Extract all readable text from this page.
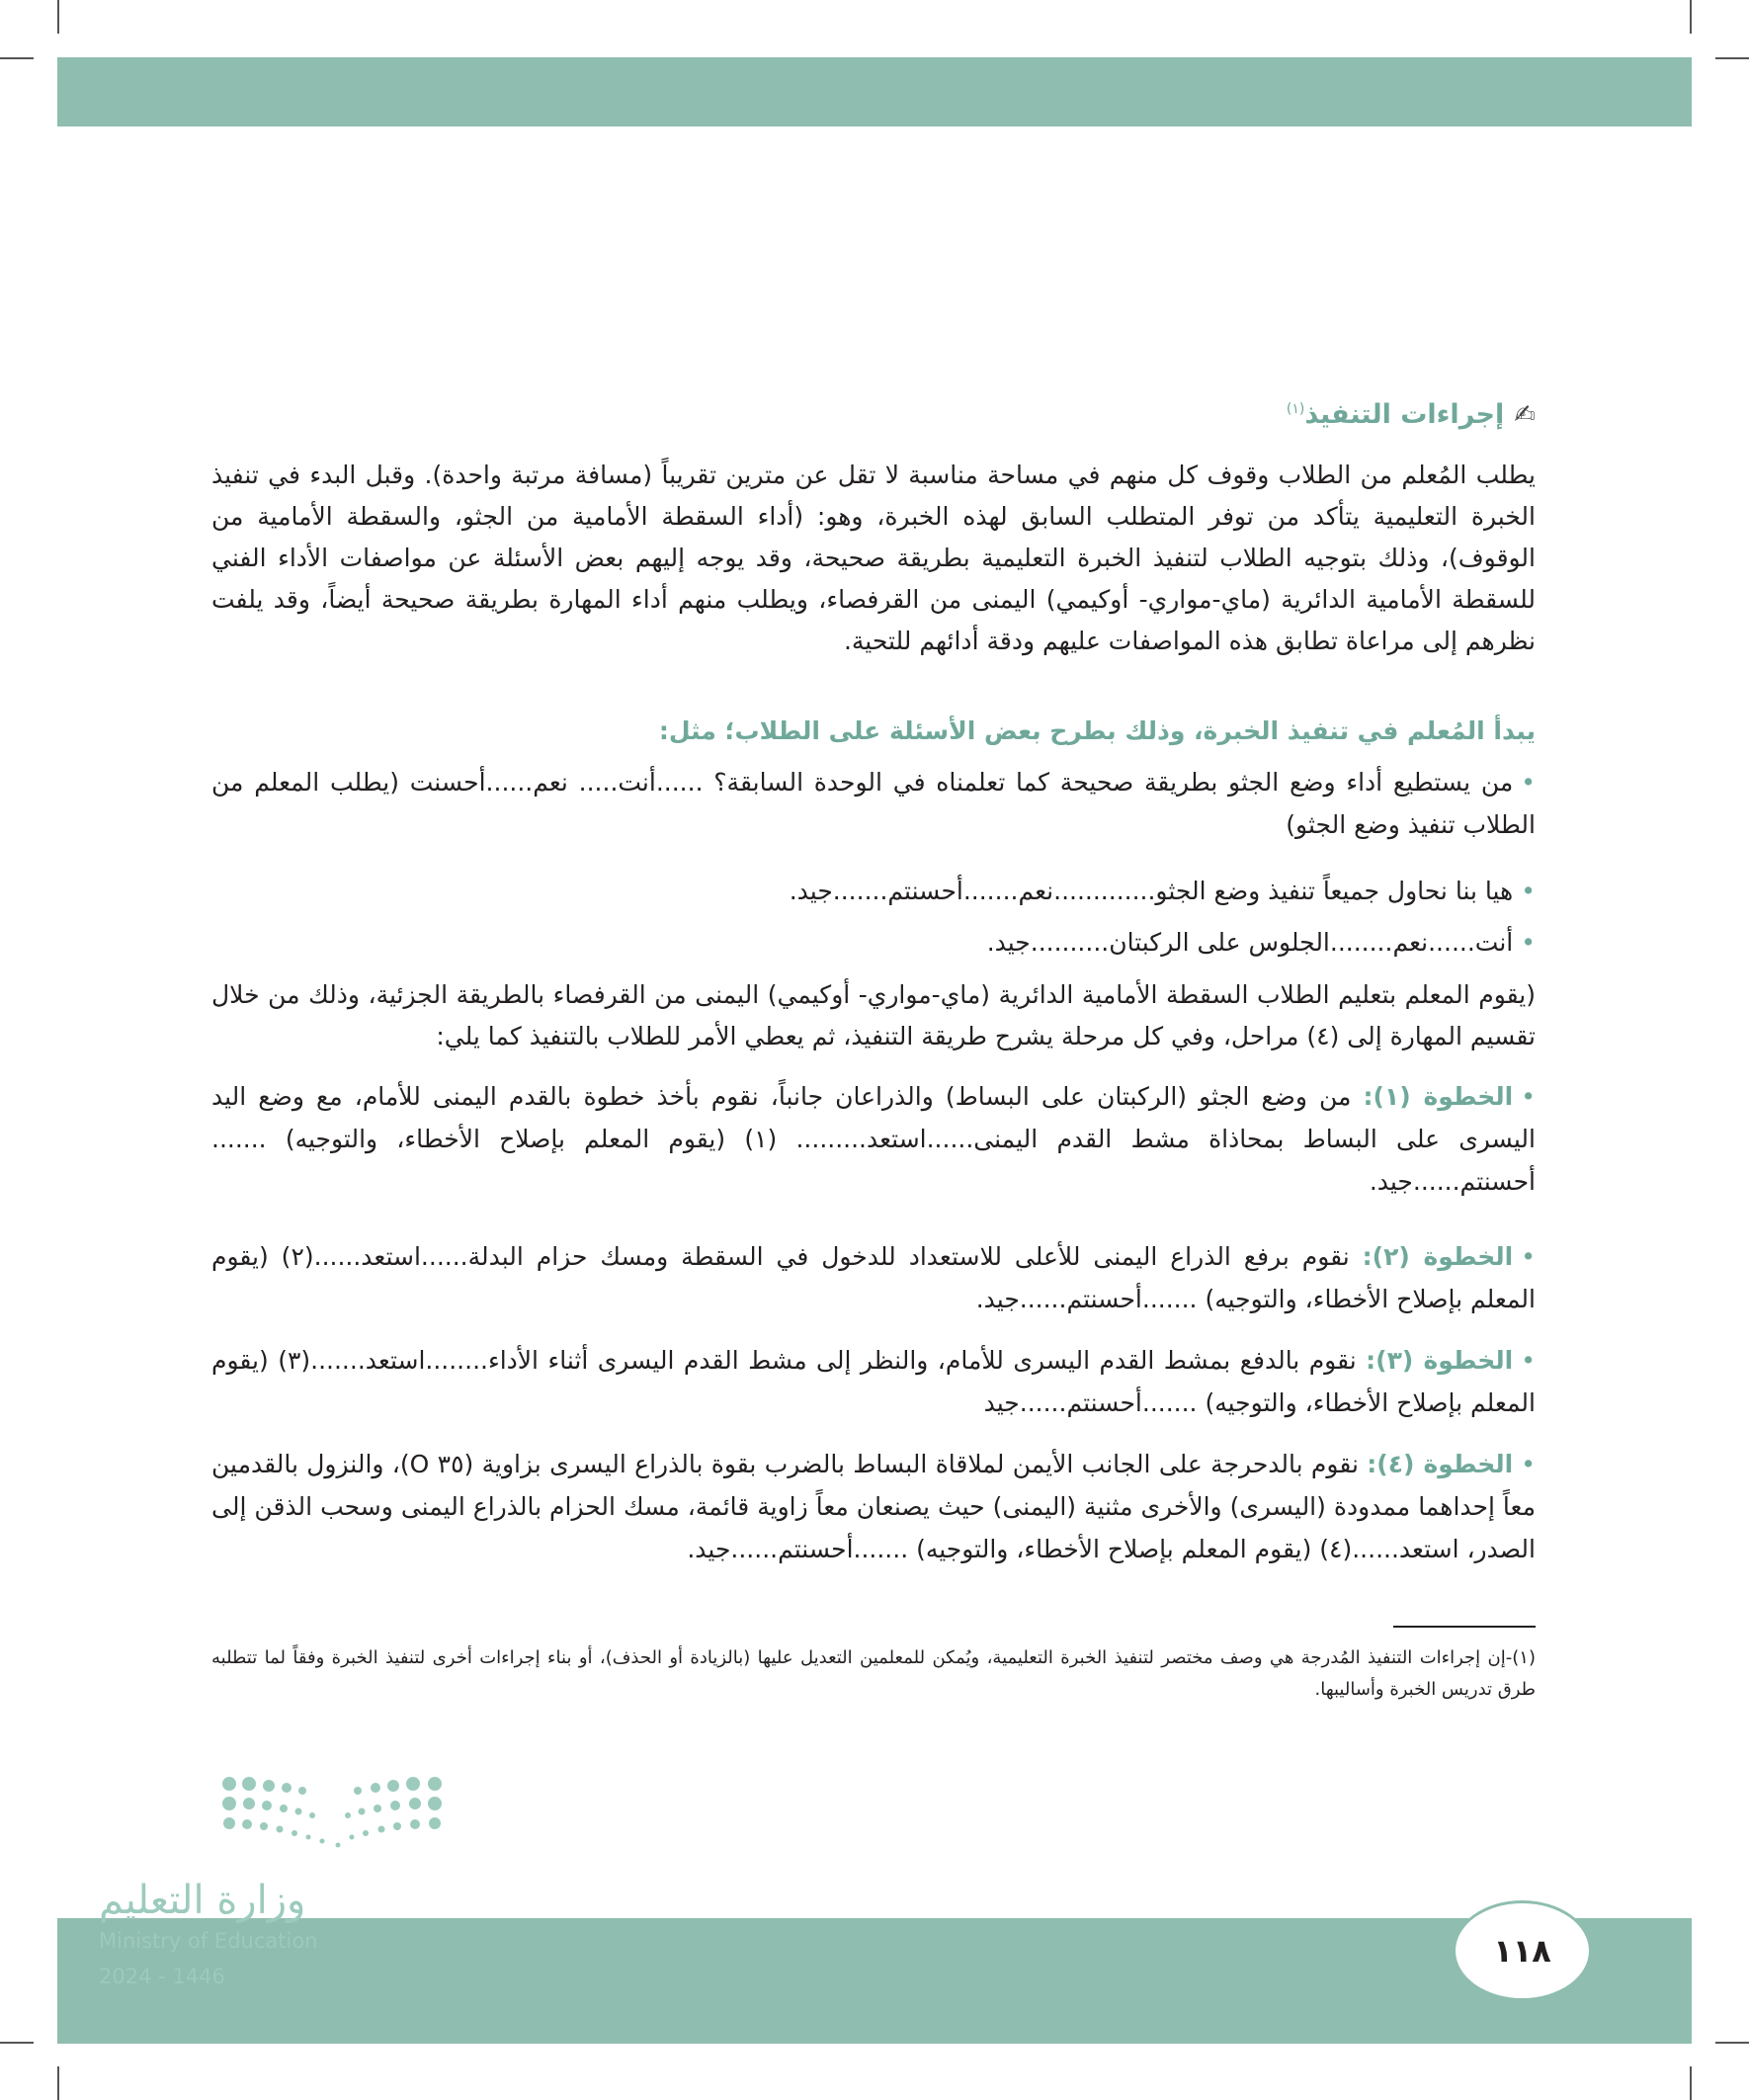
✍إجراءات التنفيذ$^{(١)}$
يطلب المُعلم من الطلاب وقوف كل منهم في مساحة مناسبة لا تقل عن مترين تقريباً (مسافة مرتبة واحدة). وقبل البدء في تنفيذ الخبرة التعليمية يتأكد من توفر المتطلب السابق لهذه الخبرة، وهو: (أداء السقطة الأمامية من الجثو، والسقطة الأمامية من الوقوف)، وذلك بتوجيه الطلاب لتنفيذ الخبرة التعليمية بطريقة صحيحة، وقد يوجه إليهم بعض الأسئلة عن مواصفات الأداء الفني للسقطة الأمامية الدائرية (ماي-مواري- أوكيمي) اليمنى من القرفصاء، ويطلب منهم أداء المهارة بطريقة صحيحة أيضاً، وقد يلفت نظرهم إلى مراعاة تطابق هذه المواصفات عليهم ودقة أدائهم للتحية.
يبدأ المُعلم في تنفيذ الخبرة، وذلك بطرح بعض الأسئلة على الطلاب؛ مثل:
•من يستطيع أداء وضع الجثو بطريقة صحيحة كما تعلمناه في الوحدة السابقة؟ ......أنت..... نعم......أحسنت (يطلب المعلم من الطلاب تنفيذ وضع الجثو)
•هيا بنا نحاول جميعاً تنفيذ وضع الجثو.............نعم.......أحسنتم.......جيد.
•أنت......نعم........الجلوس على الركبتان..........جيد.
(يقوم المعلم بتعليم الطلاب السقطة الأمامية الدائرية (ماي-مواري- أوكيمي) اليمنى من القرفصاء بالطريقة الجزئية، وذلك من خلال تقسيم المهارة إلى (٤) مراحل، وفي كل مرحلة يشرح طريقة التنفيذ، ثم يعطي الأمر للطلاب بالتنفيذ كما يلي:
•الخطوة (١): من وضع الجثو (الركبتان على البساط) والذراعان جانباً، نقوم بأخذ خطوة بالقدم اليمنى للأمام، مع وضع اليد اليسرى على البساط بمحاذاة مشط القدم اليمنى......استعد......... (١) (يقوم المعلم بإصلاح الأخطاء، والتوجيه) ....... أحسنتم......جيد.
•الخطوة (٢): نقوم برفع الذراع اليمنى للأعلى للاستعداد للدخول في السقطة ومسك حزام البدلة......استعد......(٢) (يقوم المعلم بإصلاح الأخطاء، والتوجيه) .......أحسنتم......جيد.
•الخطوة (٣): نقوم بالدفع بمشط القدم اليسرى للأمام، والنظر إلى مشط القدم اليسرى أثناء الأداء........استعد.......(٣) (يقوم المعلم بإصلاح الأخطاء، والتوجيه) .......أحسنتم......جيد
•الخطوة (٤): نقوم بالدحرجة على الجانب الأيمن لملاقاة البساط بالضرب بقوة بالذراع اليسرى بزاوية (٣٥ O)، والنزول بالقدمين معاً إحداهما ممدودة (اليسرى) والأخرى مثنية (اليمنى) حيث يصنعان معاً زاوية قائمة، مسك الحزام بالذراع اليمنى وسحب الذقن إلى الصدر، استعد......(٤) (يقوم المعلم بإصلاح الأخطاء، والتوجيه) .......أحسنتم......جيد.
(١)-إن إجراءات التنفيذ المُدرجة هي وصف مختصر لتنفيذ الخبرة التعليمية، ويُمكن للمعلمين التعديل عليها (بالزيادة أو الحذف)، أو بناء إجراءات أخرى لتنفيذ الخبرة وفقاً لما تتطلبه طرق تدريس الخبرة وأساليبها.
وزارة التعليم
Ministry of Education
2024 - 1446
١١٨
